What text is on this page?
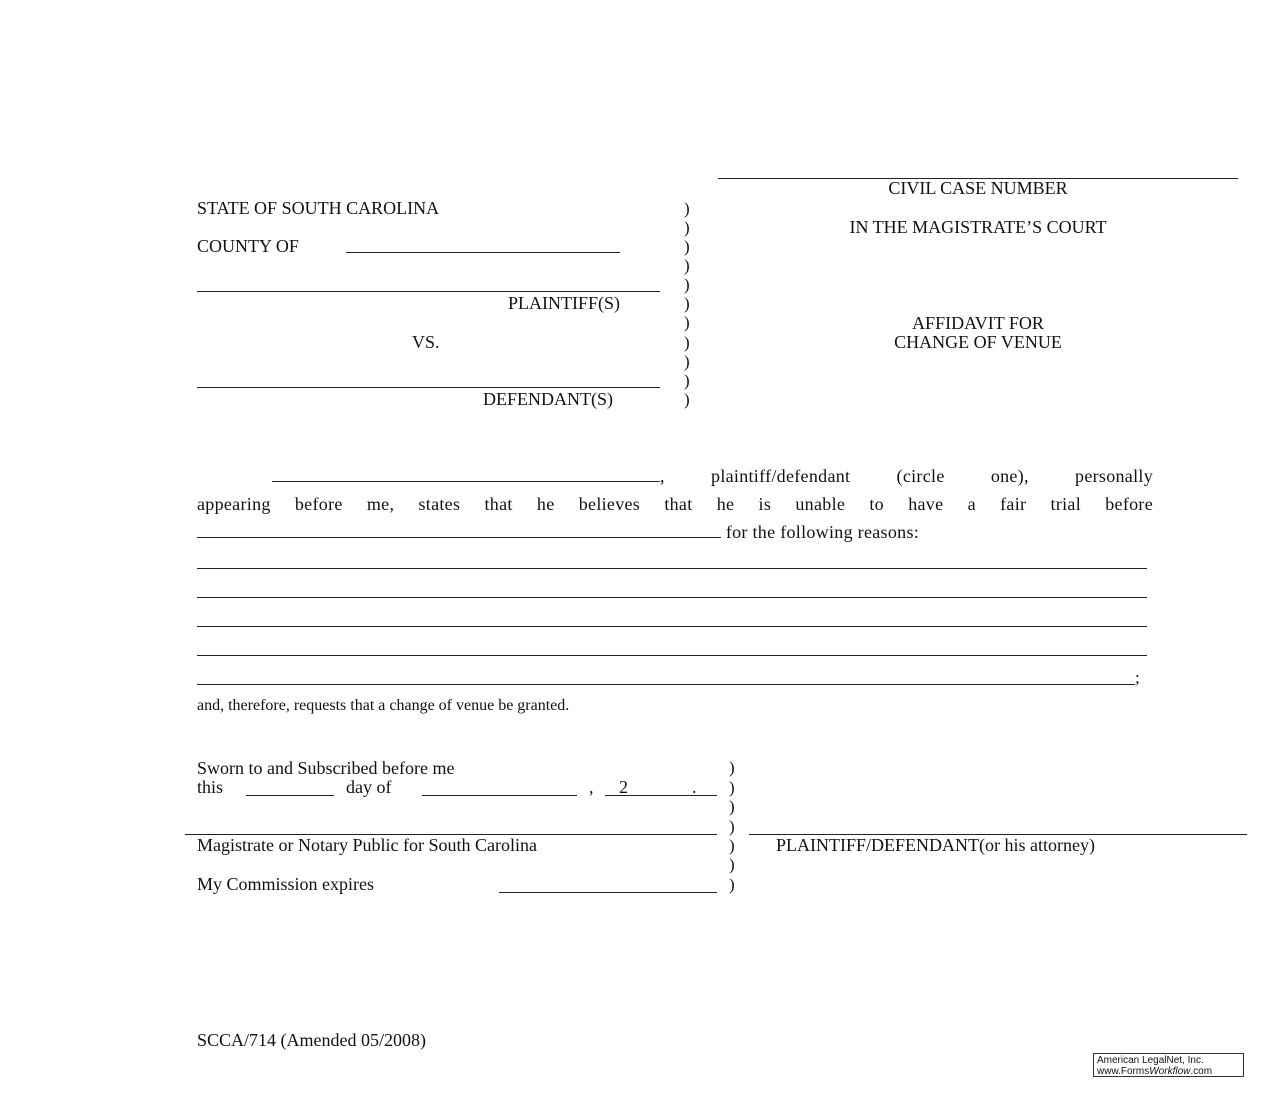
CIVIL CASE NUMBER
IN THE MAGISTRATE’S COURT
AFFIDAVIT FOR
CHANGE OF VENUE
STATE OF SOUTH CAROLINA
COUNTY OF
PLAINTIFF(S)
VS.
DEFENDANT(S)
)
)
)
)
)
)
)
)
)
)
)
, plaintiff/defendant (circle one), personally
appearing before me, states that he believes that he is unable to have a fair trial before
for the following reasons:
;
and, therefore, requests that a change of venue be granted.
Sworn to and Subscribed before me
this	day of	, 2	.
Magistrate or Notary Public for South Carolina
My Commission expires
)
)
)
)
)
)
)
PLAINTIFF/DEFENDANT(or his attorney)
SCCA/714 (Amended 05/2008)
American LegalNet, Inc.
www.FormsWorkflow.com
